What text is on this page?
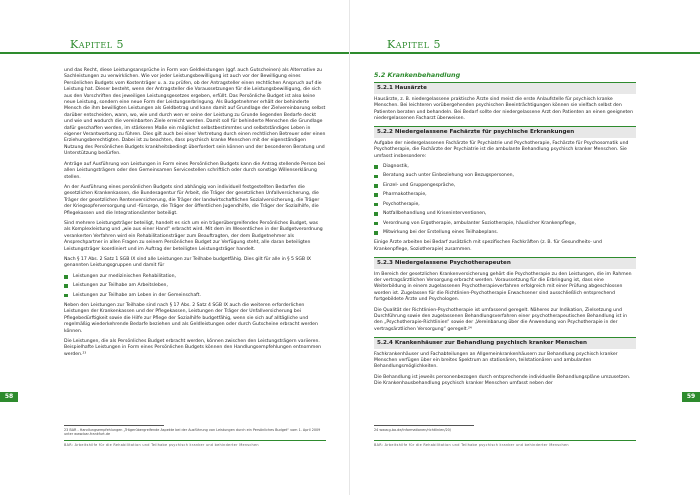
Kapitel 5

und das Recht, diese Leistungsansprüche in Form von Geldleistungen (ggf. auch Gutscheinen) als Alternative zu Sachleistungen zu verwirklichen. Wie vor jeder Leistungsbewilligung ist auch vor der Bewilligung eines Persönlichen Budgets vom Kostenträger u. a. zu prüfen, ob der Antragsteller einen rechtlichen Anspruch auf die Leistung hat. Dieser besteht, wenn der Antragsteller die Voraussetzungen für die Leistungsbewilligung, die sich aus den Vorschriften des jeweiligen Leistungsgesetzes ergeben, erfüllt. Das Persönliche Budget ist also keine neue Leistung, sondern eine neue Form der Leistungserbringung. Als Budgetnehmer erhält der behinderte Mensch die ihm bewilligten Leistungen als Geldbetrag und kann damit auf Grundlage der Zielvereinbarung selbst darüber entscheiden, wann, wo, wie und durch wen er seine der Leistung zu Grunde liegenden Bedarfe deckt und wie und wodurch die vereinbarten Ziele erreicht werden. Damit soll für behinderte Menschen die Grundlage dafür geschaffen werden, im stärkeren Maße ein möglichst selbstbestimmtes und selbstständiges Leben in eigener Verantwortung zu führen. Dies gilt auch bei einer Vertretung durch einen rechtlichen Betreuer oder einen Erziehungsberechtigten. Dabei ist zu beachten, dass psychisch kranke Menschen mit der eigenständigen Nutzung des Persönlichen Budgets krankheitsbedingt überfordert sein können und der besonderen Beratung und Unterstützung bedürfen.

Anträge auf Ausführung von Leistungen in Form eines Persönlichen Budgets kann die Antrag stellende Person bei allen Leistungsträgern oder den Gemeinsamen Servicestellen schriftlich oder durch sonstige Willenserklärung stellen.

An der Ausführung eines persönlichen Budgets sind abhängig von individuell festgestellten Bedarfen die gesetzlichen Krankenkassen, die Bundesagentur für Arbeit, die Träger der gesetzlichen Unfallversicherung, die Träger der gesetzlichen Rentenversicherung, die Träger der landwirtschaftlichen Sozialversicherung, die Träger der Kriegsopferversorgung und -fürsorge, die Träger der öffentlichen Jugendhilfe, die Träger der Sozialhilfe, die Pflegekassen und die Integrationsämter beteiligt.

Sind mehrere Leistungsträger beteiligt, handelt es sich um ein trägerübergreifendes Persönliches Budget, was als Komplexleistung und „wie aus einer Hand“ erbracht wird. Mit dem im Wesentlichen in der Budgetverordnung verankerten Verfahren wird ein Rehabilitationsträger zum Beauftragten, der dem Budgetnehmer als Ansprechpartner in allen Fragen zu seinem Persönlichen Budget zur Verfügung steht, alle daran beteiligten Leistungsträger koordiniert und im Auftrag der beteiligten Leistungsträger handelt.

Nach § 17 Abs. 2 Satz 1 SGB IX sind alle Leistungen zur Teilhabe budgetfähig. Dies gilt für alle in § 5 SGB IX genannten Leistungsgruppen und damit für

Leistungen zur medizinischen Rehabilitation,
Leistungen zur Teilhabe am Arbeitsleben,
Leistungen zur Teilhabe am Leben in der Gemeinschaft.

Neben den Leistungen zur Teilhabe sind nach § 17 Abs. 2 Satz 4 SGB IX auch die weiteren erforderlichen Leistungen der Krankenkassen und der Pflegekassen, Leistungen der Träger der Unfallversicherung bei Pflegebedürftigkeit sowie die Hilfe zur Pflege der Sozialhilfe budgetfähig, wenn sie sich auf alltägliche und regelmäßig wiederkehrende Bedarfe beziehen und als Geldleistungen oder durch Gutscheine erbracht werden können.

Die Leistungen, die als Persönliches Budget erbracht werden, können zwischen den Leistungsträgern variieren. Beispielhafte Leistungen in Form eines Persönlichen Budgets können den Handlungsempfehlungen entnommen werden.²³

58
23 BAR - Handlungsempfehlungen „Trägerübergreifende Aspekte bei der Ausführung von Leistungen durch ein Persönliches Budget“ vom 1. April 2009 unter www.bar-frankfurt.de
BAR: Arbeitshilfe für die Rehabilitation und Teilhabe psychisch kranker und behinderter Menschen
Kapitel 5
5.2 Krankenbehandlung
5.2.1 Hausärzte

Hausärzte, z. B. niedergelassene praktische Ärzte sind meist die erste Anlaufstelle für psychisch kranke Menschen. Bei leichteren vorübergehenden psychischen Beeinträchtigungen können sie vielfach selbst den Patienten beraten und behandeln. Bei Bedarf sollte der niedergelassene Arzt den Patienten an einen geeigneten niedergelassenen Facharzt überweisen.

5.2.2 Niedergelassene Fachärzte für psychische Erkrankungen

Aufgabe der niedergelassenen Fachärzte für Psychiatrie und Psychotherapie, Fachärzte für Psychosomatik und Psychotherapie, die Fachärzte der Psychiatrie ist die ambulante Behandlung psychisch kranker Menschen. Sie umfasst insbesondere:

Diagnostik,
Beratung auch unter Einbeziehung von Bezugspersonen,
Einzel- und Gruppengespräche,
Pharmakotherapie,
Psychotherapie,
Notfallbehandlung und Kriseninterventionen,
Verordnung von Ergotherapie, ambulanter Soziotherapie, häuslicher Krankenpflege,
Mitwirkung bei der Erstellung eines Teilhabeplans.

Einige Ärzte arbeiten bei Bedarf zusätzlich mit spezifischen Fachkräften (z. B. für Gesundheits- und Krankenpflege, Soziotherapie) zusammen.

5.2.3 Niedergelassene Psychotherapeuten

Im Bereich der gesetzlichen Krankenversicherung gehört die Psychotherapie zu den Leistungen, die im Rahmen der vertragsärztlichen Versorgung erbracht werden. Voraussetzung für die Erbringung ist, dass eine Weiterbildung in einem zugelassenen Psychotherapieverfahren erfolgreich mit einer Prüfung abgeschlossen worden ist. Zugelassen für die Richtlinien-Psychotherapie Erwachsener sind ausschließlich entsprechend fortgebildete Ärzte und Psychologen.

Die Qualität der Richtlinien-Psychotherapie ist umfassend geregelt. Näheres zur Indikation, Zielsetzung und Durchführung sowie den zugelassenen Behandlungsverfahren einer psychotherapeutischen Behandlung ist in den „Psychotherapie-Richtlinien“ sowie der „Vereinbarung über die Anwendung von Psychotherapie in der vertragsärztlichen Versorgung“ geregelt.²⁴

5.2.4 Krankenhäuser zur Behandlung psychisch kranker Menschen

Fachkrankenhäuser und Fachabteilungen an Allgemeinkrankenhäusern zur Behandlung psychisch kranker Menschen verfügen über ein breites Spektrum an stationären, teilstationären und ambulanten Behandlungsmöglichkeiten.

Die Behandlung ist jeweils personenbezogen durch entsprechende individuelle Behandlungspläne umzusetzen. Die Krankenhausbehandlung psychisch kranker Menschen umfasst neben der

59
24 www.g-ba.de/informationen/richtlinien/20/
BAR: Arbeitshilfe für die Rehabilitation und Teilhabe psychisch kranker und behinderter Menschen
